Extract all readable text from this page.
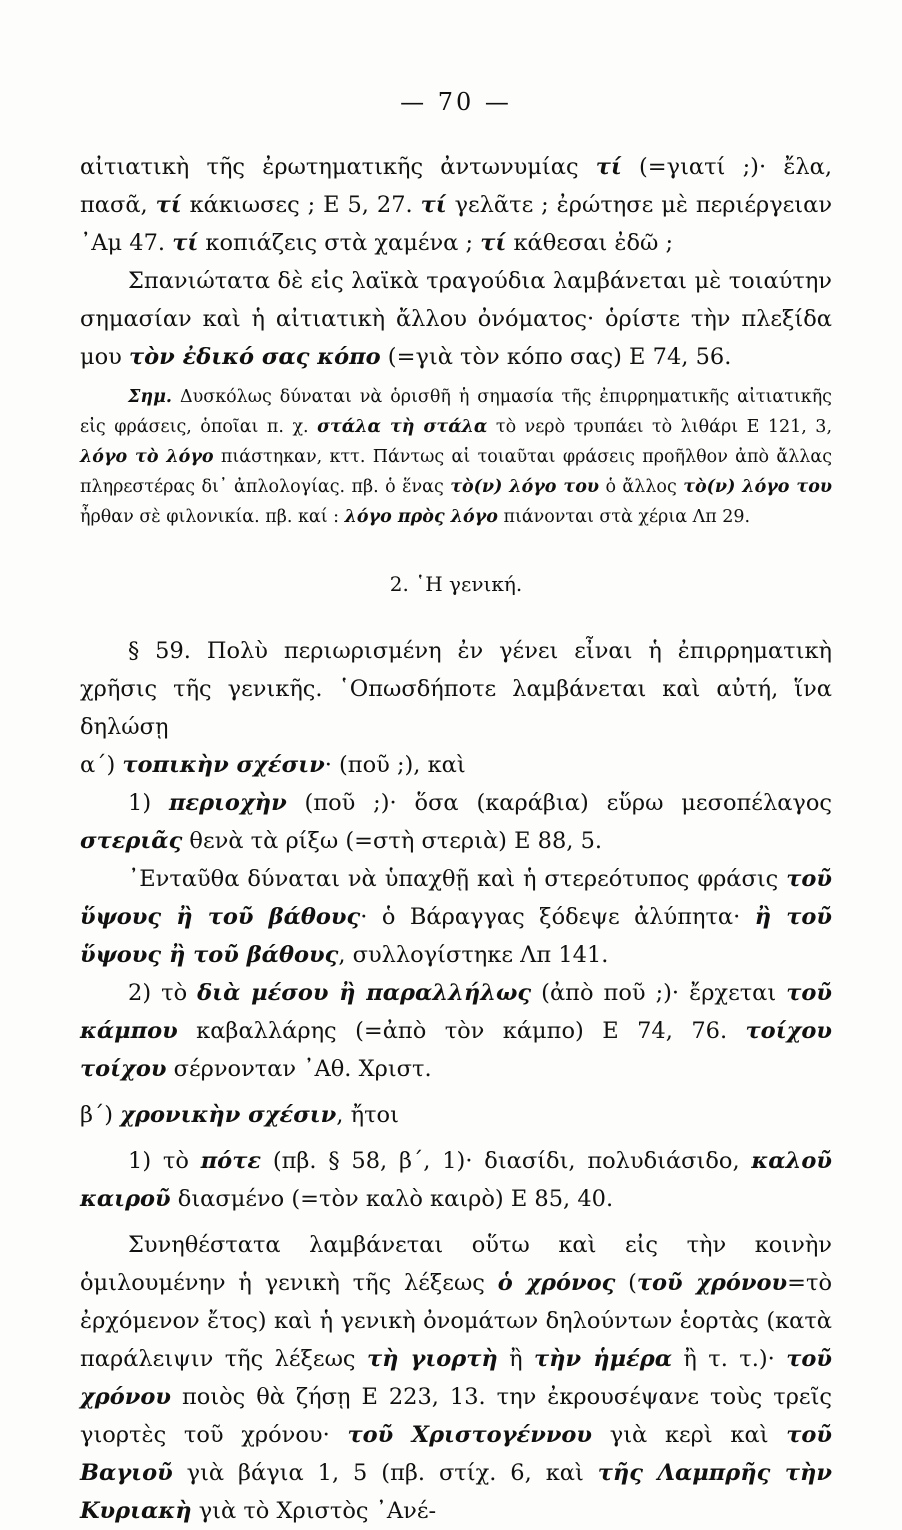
— 70 —

αἰτιατικὴ τῆς ἐρωτηματικῆς ἀντωνυμίας τί (=γιατί ;)· ἔλα, πασᾶ, τί κάκιωσες ; Ε 5, 27. τί γελᾶτε ; ἐρώτησε μὲ περιέργειαν ᾿Αμ 47. τί κοπιάζεις στὰ χαμένα ; τί κάθεσαι ἐδῶ ;

Σπανιώτατα δὲ εἰς λαϊκὰ τραγούδια λαμβάνεται μὲ τοιαύτην σημασίαν καὶ ἡ αἰτιατικὴ ἄλλου ὀνόματος· ὁρίστε τὴν πλεξίδα μου τὸν ἐδικό σας κόπο (=γιὰ τὸν κόπο σας) Ε 74, 56.

Σημ. Δυσκόλως δύναται νὰ ὁρισθῆ ἡ σημασία τῆς ἐπιρρηματικῆς αἰτιατικῆς εἰς φράσεις, ὁποῖαι π. χ. στάλα τὴ στάλα τὸ νερὸ τρυπάει τὸ λιθάρι Ε 121, 3, λόγο τὸ λόγο πιάστηκαν, κττ. Πάντως αἱ τοιαῦται φράσεις προῆλθον ἀπὸ ἄλλας πληρεστέρας δι᾽ ἀπλολογίας. πβ. ὁ ἕνας τὸ(ν) λόγο του ὁ ἄλλος τὸ(ν) λόγο του ἦρθαν σὲ φιλονικία. πβ. καί : λόγο πρὸς λόγο πιάνονται στὰ χέρια Λπ 29.

2. ῾Η γενική.

§ 59. Πολὺ περιωρισμένη ἐν γένει εἶναι ἡ ἐπιρρηματικὴ χρῆσις τῆς γενικῆς. ῾Οπωσδήποτε λαμβάνεται καὶ αὐτή, ἵνα δηλώσῃ

α΄) τοπικὴν σχέσιν· (ποῦ ;), καὶ

1) περιοχὴν (ποῦ ;)· ὅσα (καράβια) εὕρω μεσοπέλαγος στεριᾶς θενὰ τὰ ρίξω (=στὴ στεριὰ) Ε 88, 5.

᾿Ενταῦθα δύναται νὰ ὑπαχθῇ καὶ ἡ στερεότυπος φράσις τοῦ ὕψους ἢ τοῦ βάθους· ὁ Βάραγγας ξόδεψε ἀλύπητα· ἢ τοῦ ὕψους ἢ τοῦ βάθους, συλλογίστηκε Λπ 141.

2) τὸ διὰ μέσου ἢ παραλλήλως (ἀπὸ ποῦ ;)· ἔρχεται τοῦ κάμπου καβαλλάρης (=ἀπὸ τὸν κάμπο) Ε 74, 76. τοίχου τοίχου σέρνονταν ᾿Αθ. Χριστ.

β΄) χρονικὴν σχέσιν, ἤτοι

1) τὸ πότε (πβ. § 58, β΄, 1)· διασίδι, πολυδιάσιδο, καλοῦ καιροῦ διασμένο (=τὸν καλὸ καιρὸ) Ε 85, 40.

Συνηθέστατα λαμβάνεται οὕτω καὶ εἰς τὴν κοινὴν ὁμιλουμένην ἡ γενικὴ τῆς λέξεως ὁ χρόνος (τοῦ χρόνου=τὸ ἐρχόμενον ἔτος) καὶ ἡ γενικὴ ὀνομάτων δηλούντων ἑορτὰς (κατὰ παράλειψιν τῆς λέξεως τὴ γιορτὴ ἢ τὴν ἡμέρα ἢ τ. τ.)· τοῦ χρόνου ποιὸς θὰ ζήσῃ Ε 223, 13. την ἐκρουσέψανε τοὺς τρεῖς γιορτὲς τοῦ χρόνου· τοῦ Χριστογέννου γιὰ κερὶ καὶ τοῦ Βαγιοῦ γιὰ βάγια 1, 5 (πβ. στίχ. 6, καὶ τῆς Λαμπρῆς τὴν Κυριακὴ γιὰ τὸ Χριστὸς ᾿Ανέ-
